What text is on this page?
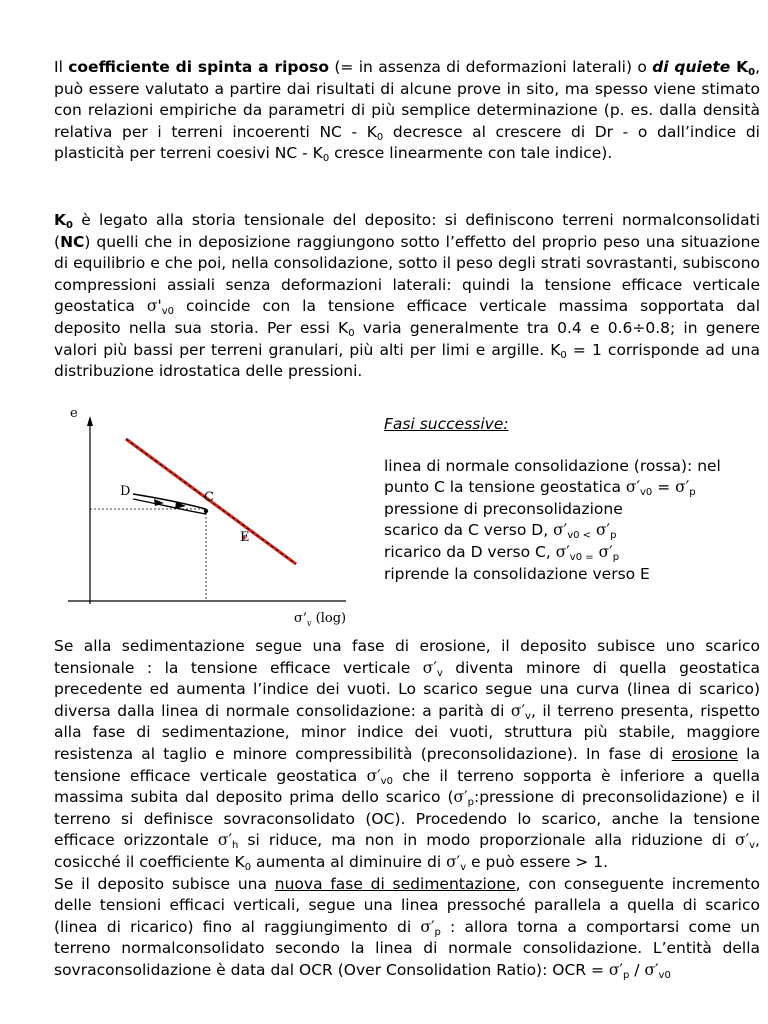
Il coefficiente di spinta a riposo (= in assenza di deformazioni laterali) o di quiete $K_0$, può essere valutato a partire dai risultati di alcune prove in sito, ma spesso viene stimato con relazioni empiriche da parametri di più semplice determinazione (p. es. dalla densità relativa per i terreni incoerenti NC - $K_0$ decresce al crescere di Dr - o dall’indice di plasticità per terreni coesivi NC - $K_0$ cresce linearmente con tale indice).

$K_0$ è legato alla storia tensionale del deposito: si definiscono terreni normalconsolidati (NC) quelli che in deposizione raggiungono sotto l’effetto del proprio peso una situazione di equilibrio e che poi, nella consolidazione, sotto il peso degli strati sovrastanti, subiscono compressioni assiali senza deformazioni laterali: quindi la tensione efficace verticale geostatica $\sigma'_{v0}$ coincide con la tensione efficace verticale massima sopportata dal deposito nella sua storia. Per essi $K_0$ varia generalmente tra 0.4 e 0.6÷0.8; in genere valori più bassi per terreni granulari, più alti per limi e argille. $K_0 = 1$ corrisponde ad una distribuzione idrostatica delle pressioni.

e
D	C
E
$\sigma’_v$ (log)
Fasi successive:
linea di normale consolidazione (rossa): nel
punto C la tensione geostatica $\sigma'_{v0} = \sigma'_p$
pressione di preconsolidazione
scarico da C verso D, $\sigma'_{v0 <}$ $\sigma'_p$
ricarico da D verso C, $\sigma'_{v0 =}$ $\sigma'_p$
riprende la consolidazione verso E

Se alla sedimentazione segue una fase di erosione, il deposito subisce uno scarico tensionale : la tensione efficace verticale $\sigma'_v$ diventa minore di quella geostatica precedente ed aumenta l’indice dei vuoti. Lo scarico segue una curva (linea di scarico) diversa dalla linea di normale consolidazione: a parità di $\sigma'_v$, il terreno presenta, rispetto alla fase di sedimentazione, minor indice dei vuoti, struttura più stabile, maggiore resistenza al taglio e minore compressibilità (preconsolidazione). In fase di erosione la tensione efficace verticale geostatica $\sigma'_{v0}$ che il terreno sopporta è inferiore a quella massima subita dal deposito prima dello scarico ($\sigma'_p:pressione$ di preconsolidazione) e il terreno si definisce sovraconsolidato (OC). Procedendo lo scarico, anche la tensione efficace orizzontale $\sigma'_h$ si riduce, ma non in modo proporzionale alla riduzione di $\sigma'_v$, cosicché il coefficiente $K_0$ aumenta al diminuire di $\sigma'_v$ e può essere > 1.
Se il deposito subisce una nuova fase di sedimentazione, con conseguente incremento delle tensioni efficaci verticali, segue una linea pressoché parallela a quella di scarico (linea di ricarico) fino al raggiungimento di $\sigma'_p$ : allora torna a comportarsi come un terreno normalconsolidato secondo la linea di normale consolidazione. L’entità della sovraconsolidazione è data dal OCR (Over Consolidation Ratio): OCR = $\sigma'_p / \sigma'_{v0}$
